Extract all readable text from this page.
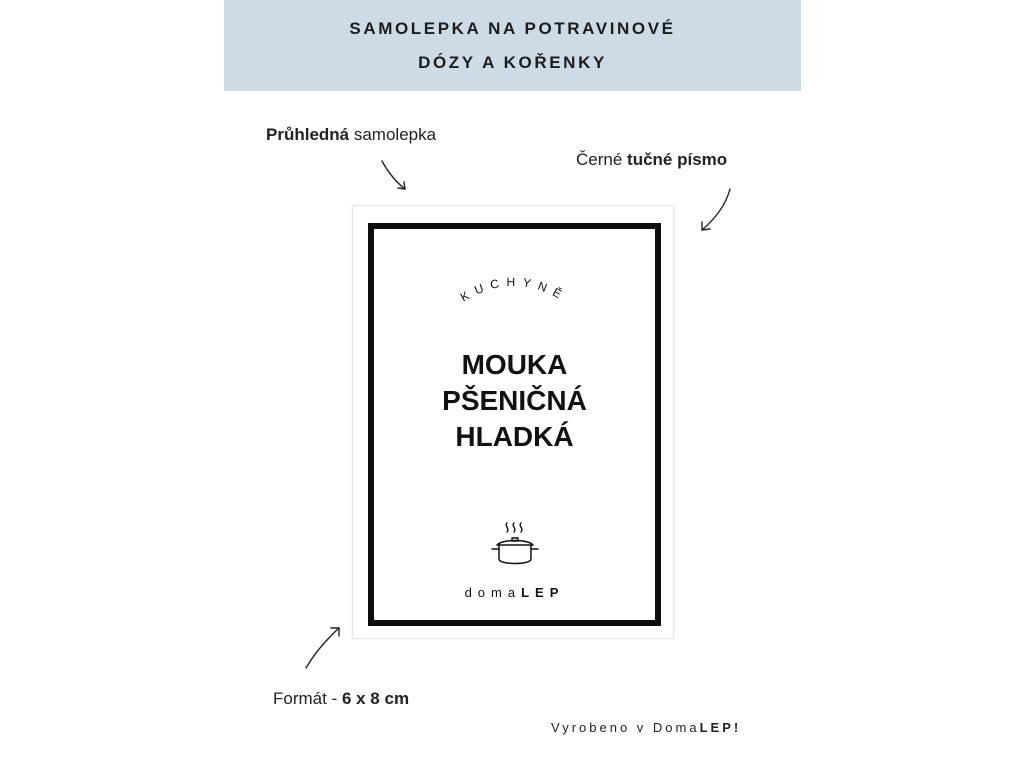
SAMOLEPKA NA POTRAVINOVÉ
DÓZY A KOŘENKY
Průhledná samolepka
Černé tučné písmo
Formát - 6 x 8 cm
KUCHYNĚ
MOUKA
PŠENIČNÁ
HLADKÁ
domaLEP
Vyrobeno v DomaLEP!
